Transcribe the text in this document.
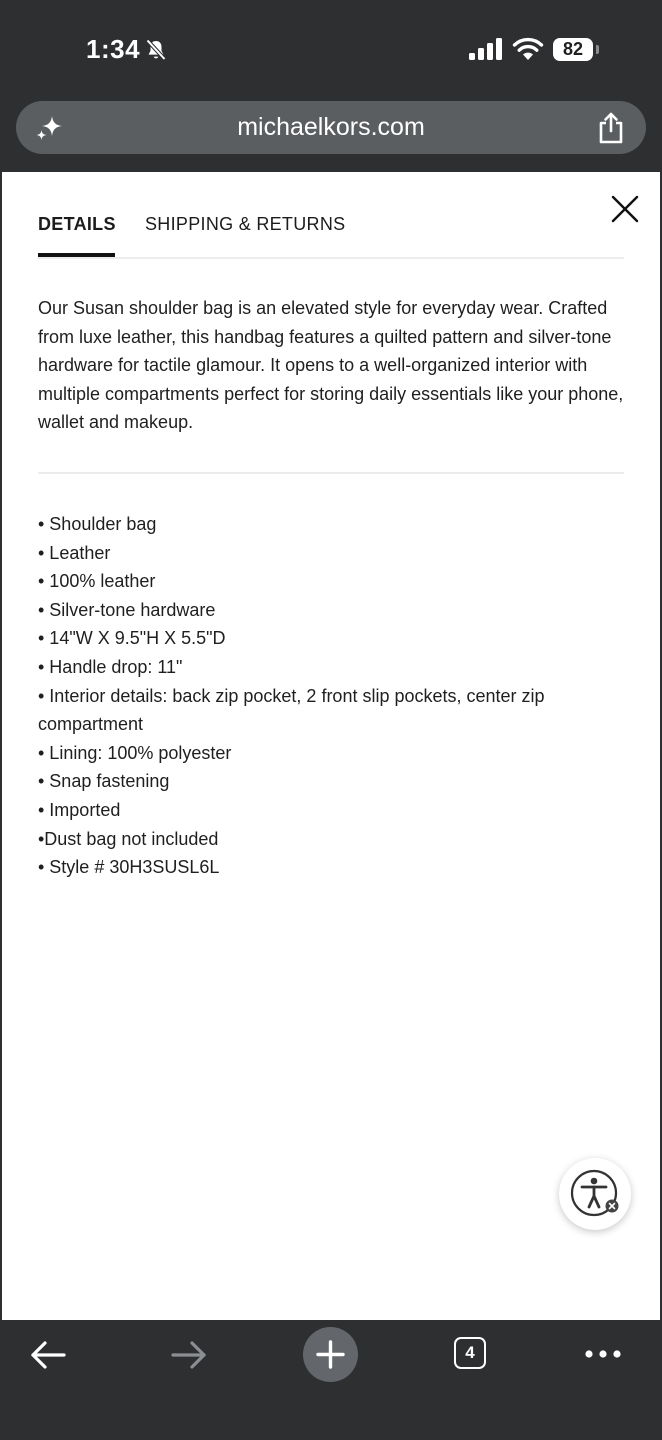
1:34	82
michaelkors.com
DETAILS SHIPPING & RETURNS

Our Susan shoulder bag is an elevated style for everyday wear. Crafted from luxe leather, this handbag features a quilted pattern and silver-tone hardware for tactile glamour. It opens to a well-organized interior with multiple compartments perfect for storing daily essentials like your phone, wallet and makeup.

• Shoulder bag
• Leather
• 100% leather
• Silver-tone hardware
• 14"W X 9.5"H X 5.5"D
• Handle drop: 11"
• Interior details: back zip pocket, 2 front slip pockets, center zip compartment
• Lining: 100% polyester
• Snap fastening
• Imported
•Dust bag not included
• Style # 30H3SUSL6L
4
